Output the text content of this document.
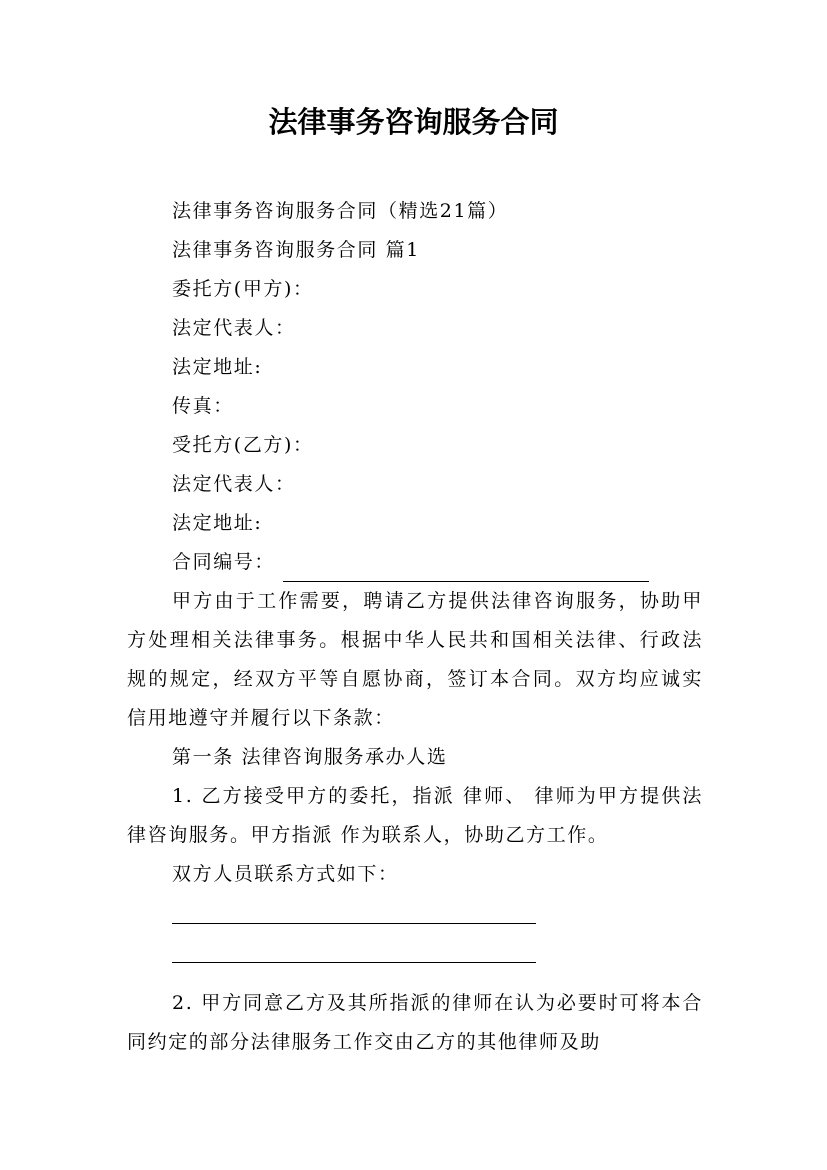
法律事务咨询服务合同

法律事务咨询服务合同（精选21篇）

法律事务咨询服务合同 篇1

委托方(甲方)：

法定代表人：

法定地址:

传真：

受托方(乙方)：

法定代表人：

法定地址:

合同编号：

甲方由于工作需要，聘请乙方提供法律咨询服务，协助甲方处理相关法律事务。根据中华人民共和国相关法律、行政法规的规定，经双方平等自愿协商，签订本合同。双方均应诚实信用地遵守并履行以下条款：

第一条 法律咨询服务承办人选

1. 乙方接受甲方的委托，指派 律师、 律师为甲方提供法律咨询服务。甲方指派 作为联系人，协助乙方工作。

双方人员联系方式如下：

2. 甲方同意乙方及其所指派的律师在认为必要时可将本合同约定的部分法律服务工作交由乙方的其他律师及助
